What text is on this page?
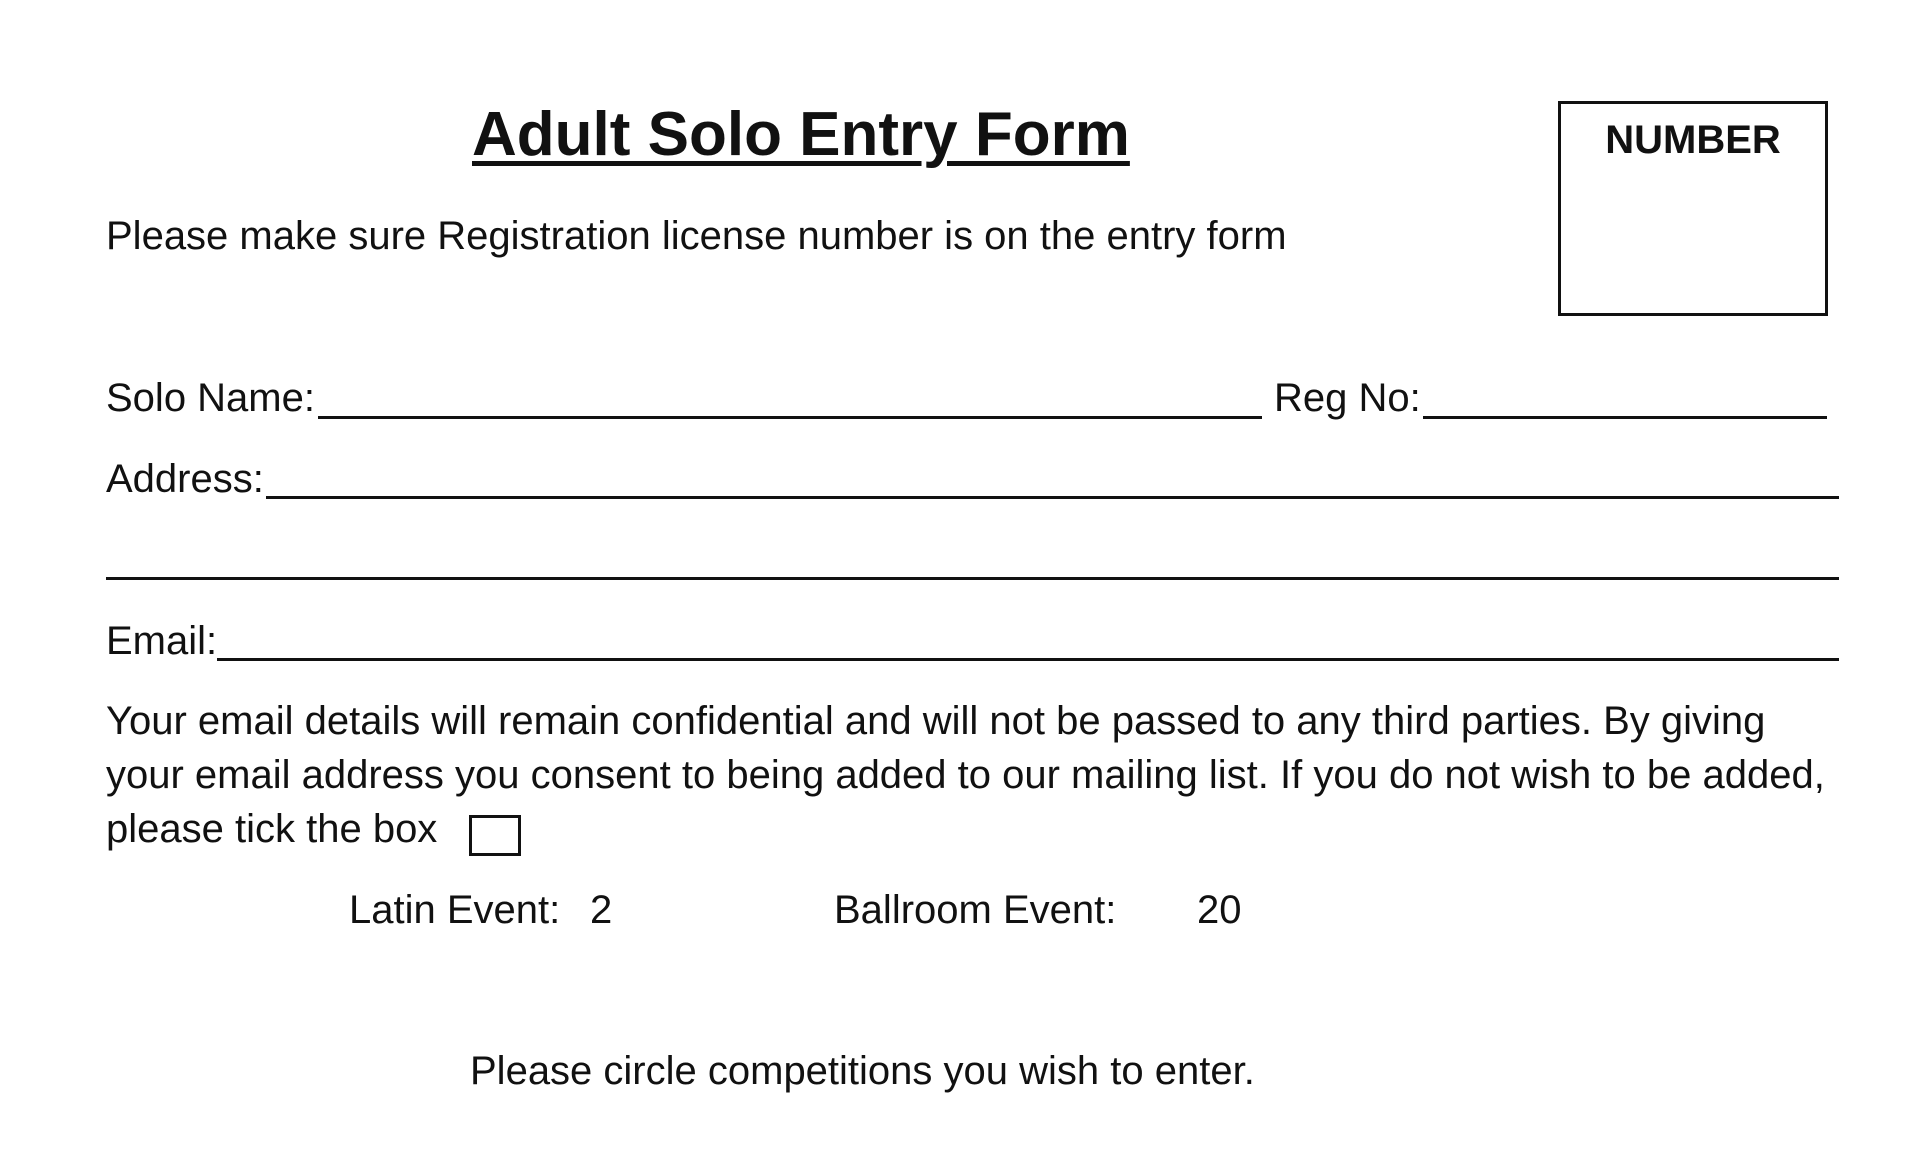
Adult Solo Entry Form	NUMBER
Please make sure Registration license number is on the entry form
Solo Name:	Reg No:
Address:
Email:
Your email details will remain confidential and will not be passed to any third parties. By giving
your email address you consent to being added to our mailing list. If you do not wish to be added,
please tick the box
Latin Event: 2	Ballroom Event: 20
Please circle competitions you wish to enter.
